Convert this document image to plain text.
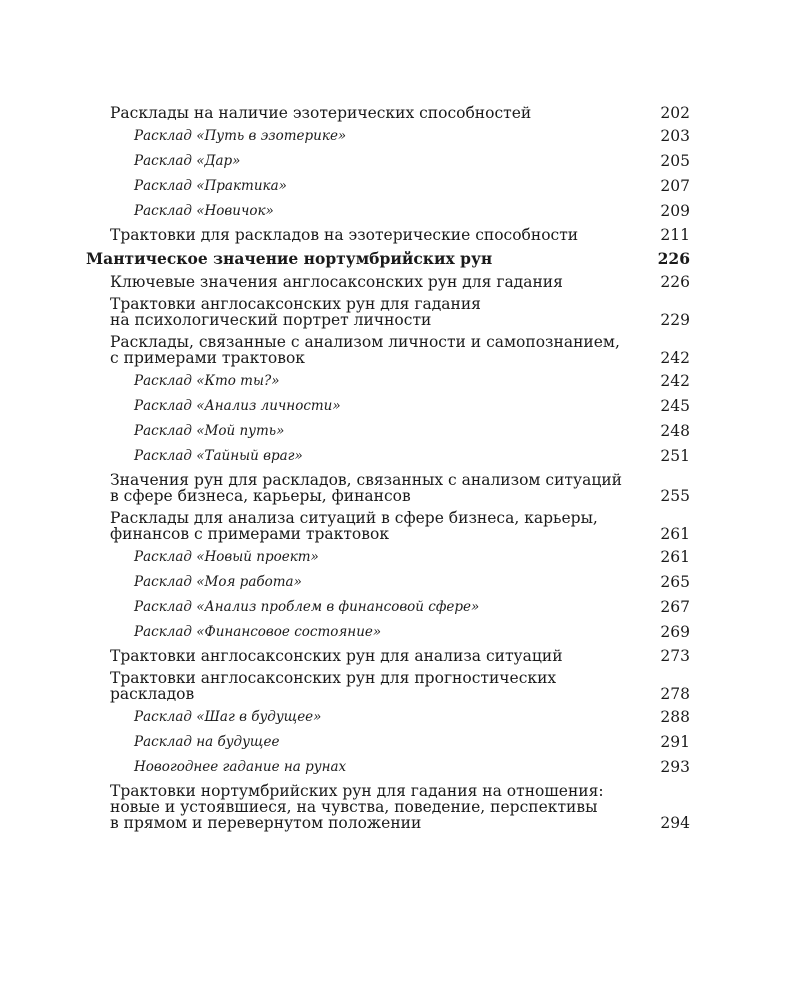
Расклады на наличие эзотерических способностей	202
Расклад «Путь в эзотерике»	203
Расклад «Дар»	205
Расклад «Практика»	207
Расклад «Новичок»	209
Трактовки для раскладов на эзотерические способности	211
Мантическое значение нортумбрийских рун	226
Ключевые значения англосаксонских рун для гадания	226
Трактовки англосаксонских рун для гадания
на психологический портрет личности	229
Расклады, связанные с анализом личности и самопознанием,
с примерами трактовок	242
Расклад «Кто ты?»	242
Расклад «Анализ личности»	245
Расклад «Мой путь»	248
Расклад «Тайный враг»	251
Значения рун для раскладов, связанных с анализом ситуаций
в сфере бизнеса, карьеры, финансов	255
Расклады для анализа ситуаций в сфере бизнеса, карьеры,
финансов с примерами трактовок	261
Расклад «Новый проект»	261
Расклад «Моя работа»	265
Расклад «Анализ проблем в финансовой сфере»	267
Расклад «Финансовое состояние»	269
Трактовки англосаксонских рун для анализа ситуаций	273
Трактовки англосаксонских рун для прогностических
раскладов	278
Расклад «Шаг в будущее»	288
Расклад на будущее	291
Новогоднее гадание на рунах	293
Трактовки нортумбрийских рун для гадания на отношения:
новые и устоявшиеся, на чувства, поведение, перспективы
в прямом и перевернутом положении	294
